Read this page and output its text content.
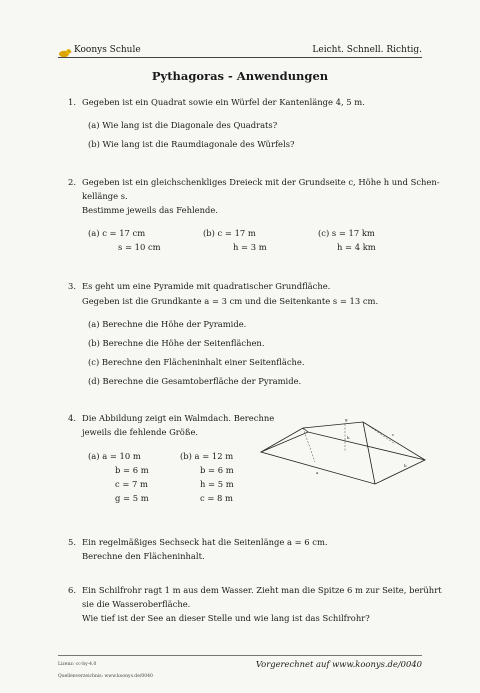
Koonys Schule	Leicht. Schnell. Richtig.
Pythagoras - Anwendungen
1. Gegeben ist ein Quadrat sowie ein Würfel der Kantenlänge 4, 5 m.
(a) Wie lang ist die Diagonale des Quadrats?
(b) Wie lang ist die Raumdiagonale des Würfels?
2. Gegeben ist ein gleichschenkliges Dreieck mit der Grundseite c, Höhe h und Schen-
kellänge s.
Bestimme jeweils das Fehlende.
(a) c = 17 cm
s = 10 cm
(b) c = 17 m
h = 3 m
(c) s = 17 km
h = 4 km
3. Es geht um eine Pyramide mit quadratischer Grundfläche.
Gegeben ist die Grundkante a = 3 cm und die Seitenkante s = 13 cm.
(a) Berechne die Höhe der Pyramide.
(b) Berechne die Höhe der Seitenflächen.
(c) Berechne den Flächeninhalt einer Seitenfläche.
(d) Berechne die Gesamtoberfläche der Pyramide.
4. Die Abbildung zeigt ein Walmdach. Berechne
jeweils die fehlende Größe.
(a) a = 10 m
b = 6 m
c = 7 m
g = 5 m
(b) a = 12 m
b = 6 m
h = 5 m
c = 8 m
g
c
h
a
b
5. Ein regelmäßiges Sechseck hat die Seitenlänge a = 6 cm.
Berechne den Flächeninhalt.
6. Ein Schilfrohr ragt 1 m aus dem Wasser. Zieht man die Spitze 6 m zur Seite, berührt
sie die Wasseroberfläche.
Wie tief ist der See an dieser Stelle und wie lang ist das Schilfrohr?
Lizenz: cc-by-4.0
Quellenverzeichnis: www.koonys.de/0040
Vorgerechnet auf www.koonys.de/0040
